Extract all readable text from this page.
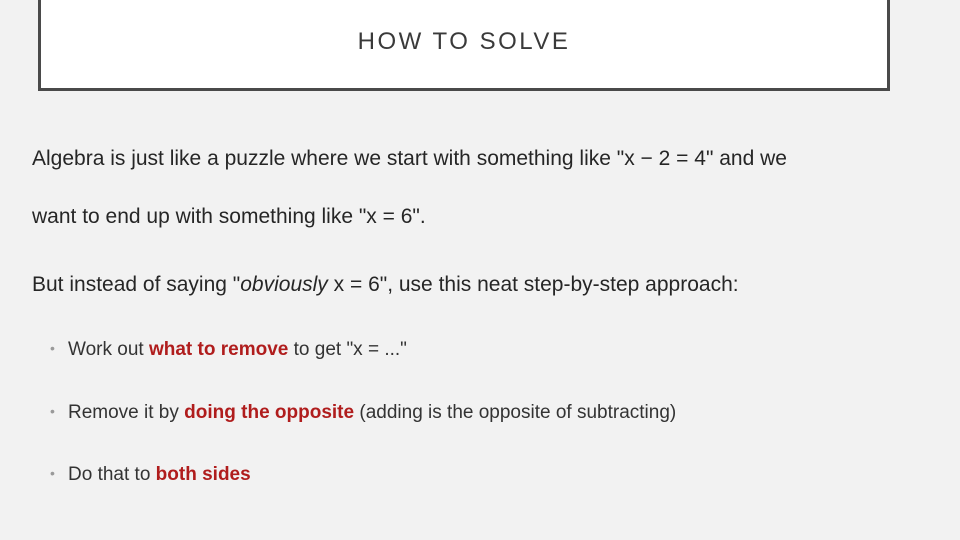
HOW TO SOLVE

Algebra is just like a puzzle where we start with something like "x − 2 = 4" and we

want to end up with something like "x = 6".

But instead of saying "obviously x = 6", use this neat step-by-step approach:

• Work out what to remove to get "x = ..."
• Remove it by doing the opposite (adding is the opposite of subtracting)
• Do that to both sides
